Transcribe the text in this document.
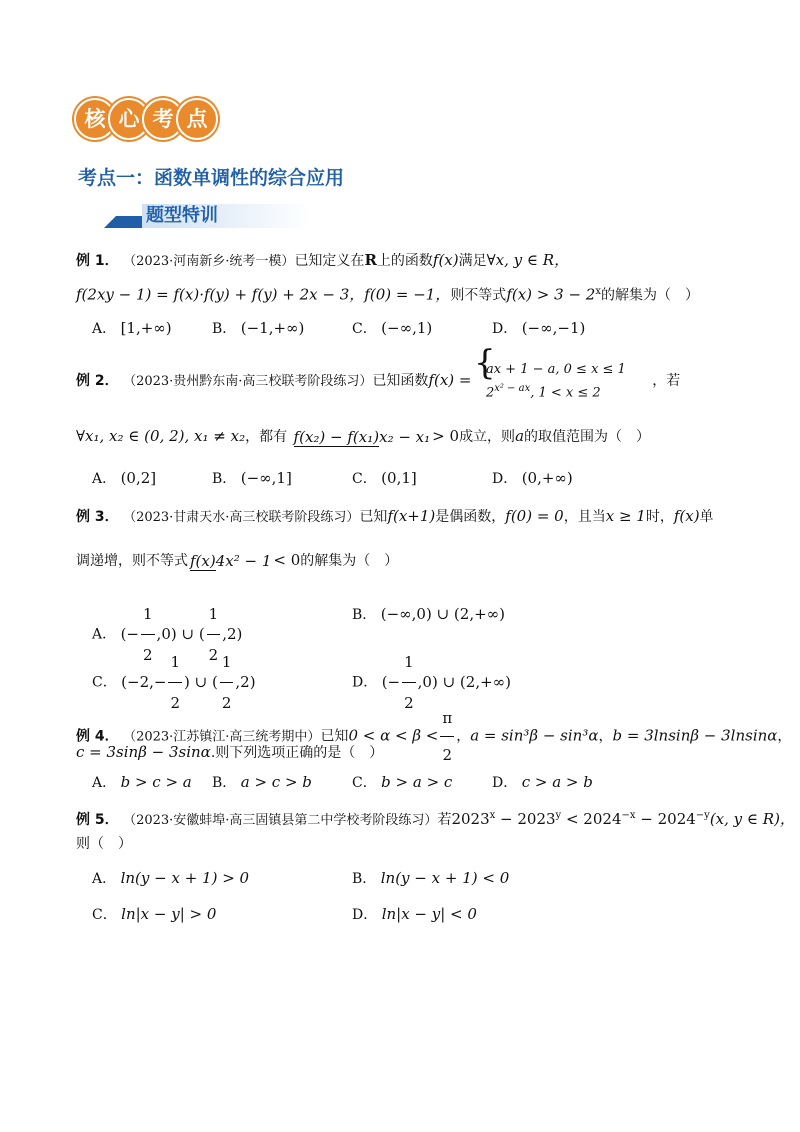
核 心 考 点
考点一：函数单调性的综合应用
题型特训
例 1． （2023·河南新乡·统考一模）已知定义在R上的函数f(x)满足∀x, y ∈ R，
f(2xy − 1) = f(x)·f(y) + f(y) + 2x − 3，f(0) = −1，则不等式$f(x) > 3 - 2^x$的解集为（　）
A． [1,+∞)	B． (−1,+∞)	C． (−∞,1)	D． (−∞,−1)
例 2． （2023·贵州黔东南·高三校联考阶段练习）已知函数f(x) =
{ ax + 1 − a, 0 ≤ x ≤ 1
$2^{x^2 - ax}$, 1 < x ≤ 2
，若
∀x₁, x₂ ∈ (0, 2), x₁ ≠ x₂，都有 f(x₂) − f(x₁)x₂ − x₁ > 0成立，则a的取值范围为（　）
A． (0,2]	B． (−∞,1]	C． (0,1]	D． (0,+∞)
例 3． （2023·甘肃天水·高三校联考阶段练习）已知f(x+1)是偶函数，f(0) = 0，且当x ≥ 1时，f(x)单
调递增，则不等式 f(x)4x² − 1 < 0的解集为（　）
A． (− $\frac{1}{2} ,0$) ∪ ( $\frac{1}{2} ,2$)
B． (−∞,0) ∪ (2,+∞)
C． ($-2,- \frac{1}{2}$ ) ∪ ( $\frac{1}{2} ,2$)	D． (− $\frac{1}{2} ,0$) ∪ (2,+∞)
例 4． （2023·江苏镇江·高三统考期中）已知$0 < \alpha < \beta < \frac{\pi}{2}$ ，a = sin³β − sin³α，b = 3lnsinβ − 3lnsinα，
c = 3sinβ − 3sinα.则下列选项正确的是（　）
A． b > c > a B． a > c > b	C． b > a > c	D． c > a > b
例 5． （2023·安徽蚌埠·高三固镇县第二中学校考阶段练习）若$2023^x - 2023^y < 2024^{-x} - 2024^{-y}(x$, y ∈ R)，
则（　）
A． ln(y − x + 1) > 0	B． ln(y − x + 1) < 0
C． ln|x − y| > 0	D． ln|x − y| < 0
